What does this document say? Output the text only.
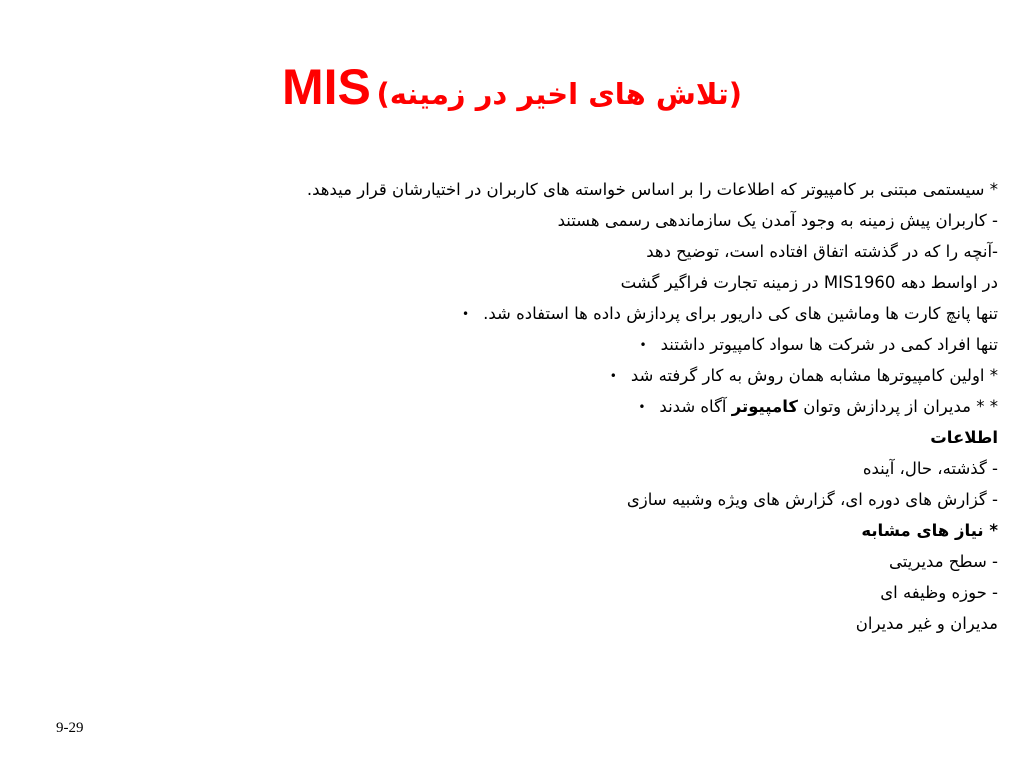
(تلاش های اخیر در زمینه) MIS
* سیستمی مبتنی بر کامپیوتر که اطلاعات را بر اساس خواسته های کاربران در اختیارشان قرار میدهد.
- کاربران پیش زمینه به وجود آمدن یک سازماندهی رسمی هستند
-آنچه را که در گذشته اتفاق افتاده است، توضیح دهد
در اواسط دهه MIS1960 در زمینه تجارت فراگیر گشت
تنها پانچ کارت ها وماشین های کی داریور برای پردازش داده ها استفاده شد.•
تنها افراد کمی در شرکت ها سواد کامپیوتر داشتند•
* اولین کامپیوترها مشابه همان روش به کار گرفته شد•
* * مدیران از پردازش وتوان کامپیوتر آگاه شدند•
اطلاعات
- گذشته، حال، آینده
- گزارش های دوره ای، گزارش های ویژه وشبیه سازی
* نیاز های مشابه
- سطح مدیریتی
- حوزه وظیفه ای
مدیران و غیر مدیران
9-29
